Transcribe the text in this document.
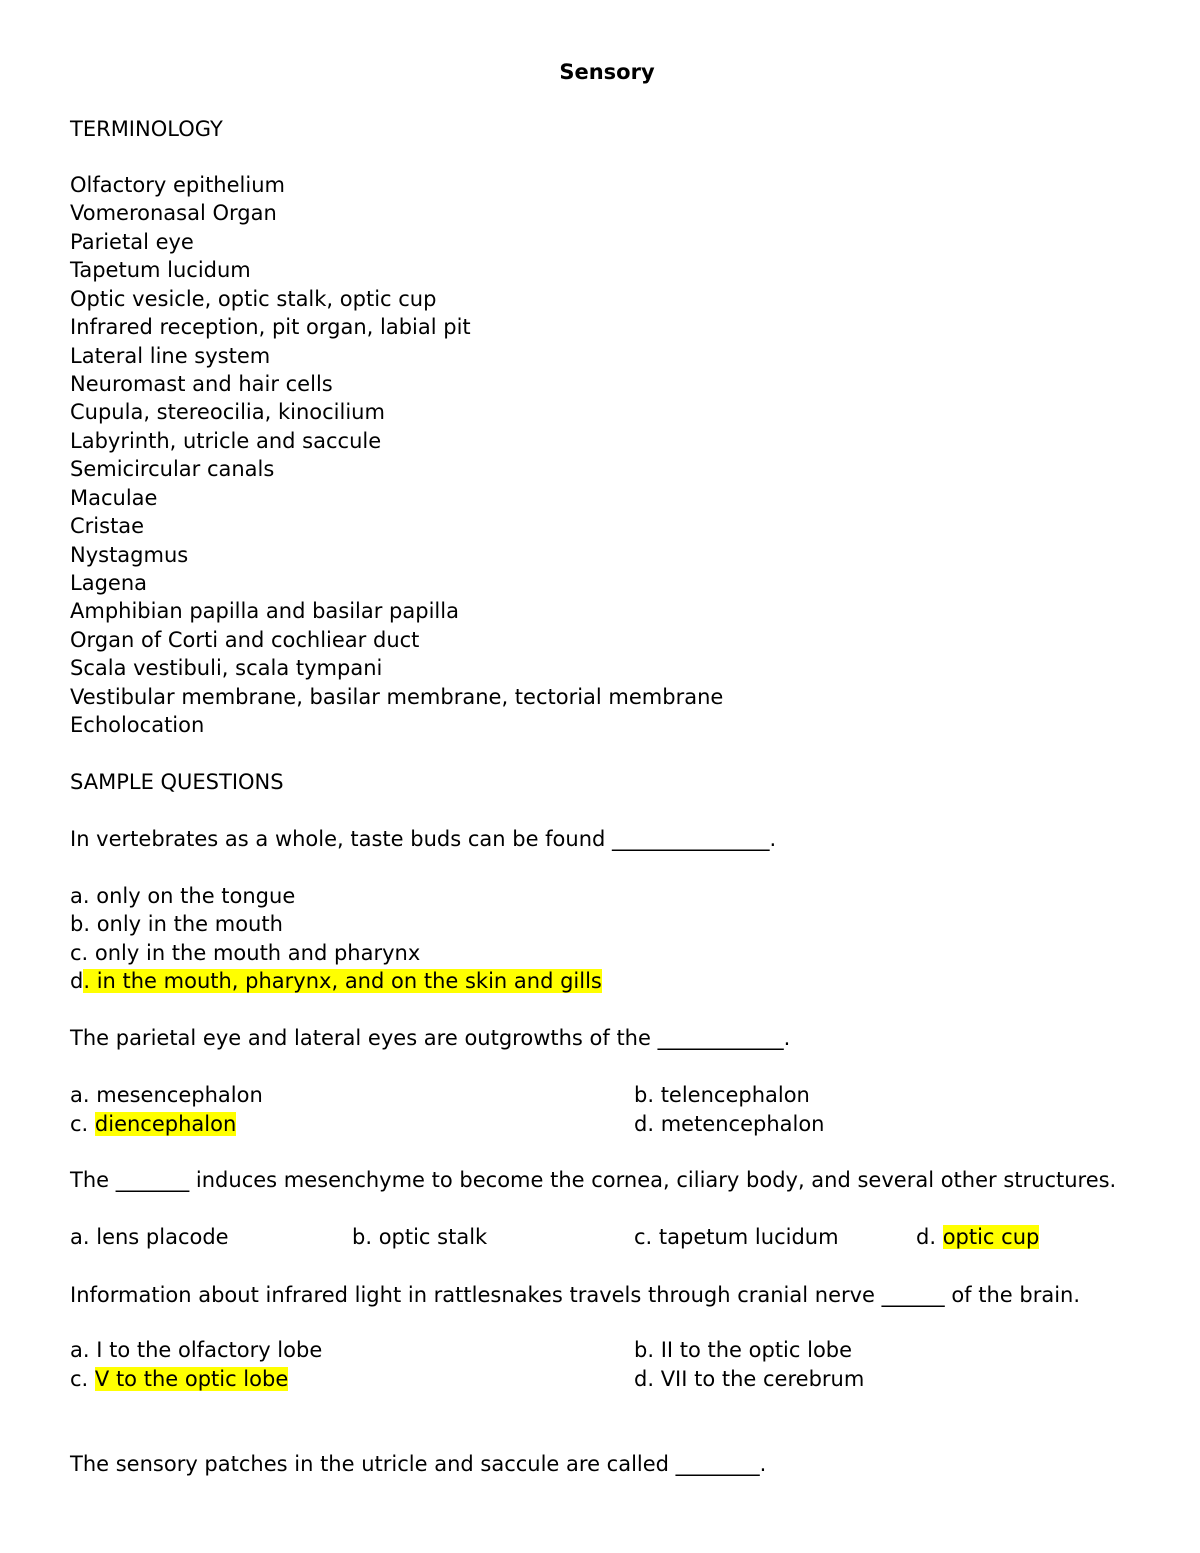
Sensory
TERMINOLOGY
Olfactory epithelium
Vomeronasal Organ
Parietal eye
Tapetum lucidum
Optic vesicle, optic stalk, optic cup
Infrared reception, pit organ, labial pit
Lateral line system
Neuromast and hair cells
Cupula, stereocilia, kinocilium
Labyrinth, utricle and saccule
Semicircular canals
Maculae
Cristae
Nystagmus
Lagena
Amphibian papilla and basilar papilla
Organ of Corti and cochliear duct
Scala vestibuli, scala tympani
Vestibular membrane, basilar membrane, tectorial membrane
Echolocation
SAMPLE QUESTIONS
In vertebrates as a whole, taste buds can be found _______________.
a. only on the tongue
b. only in the mouth
c. only in the mouth and pharynx
d. in the mouth, pharynx, and on the skin and gills
The parietal eye and lateral eyes are outgrowths of the ____________.
a. mesencephalon	b. telencephalon
c. diencephalon	d. metencephalon
The _______ induces mesenchyme to become the cornea, ciliary body, and several other structures.
a. lens placode	b. optic stalk	c. tapetum lucidum	d. optic cup
Information about infrared light in rattlesnakes travels through cranial nerve ______ of the brain.
a. I to the olfactory lobe	b. II to the optic lobe
c. V to the optic lobe	d. VII to the cerebrum
The sensory patches in the utricle and saccule are called ________.
